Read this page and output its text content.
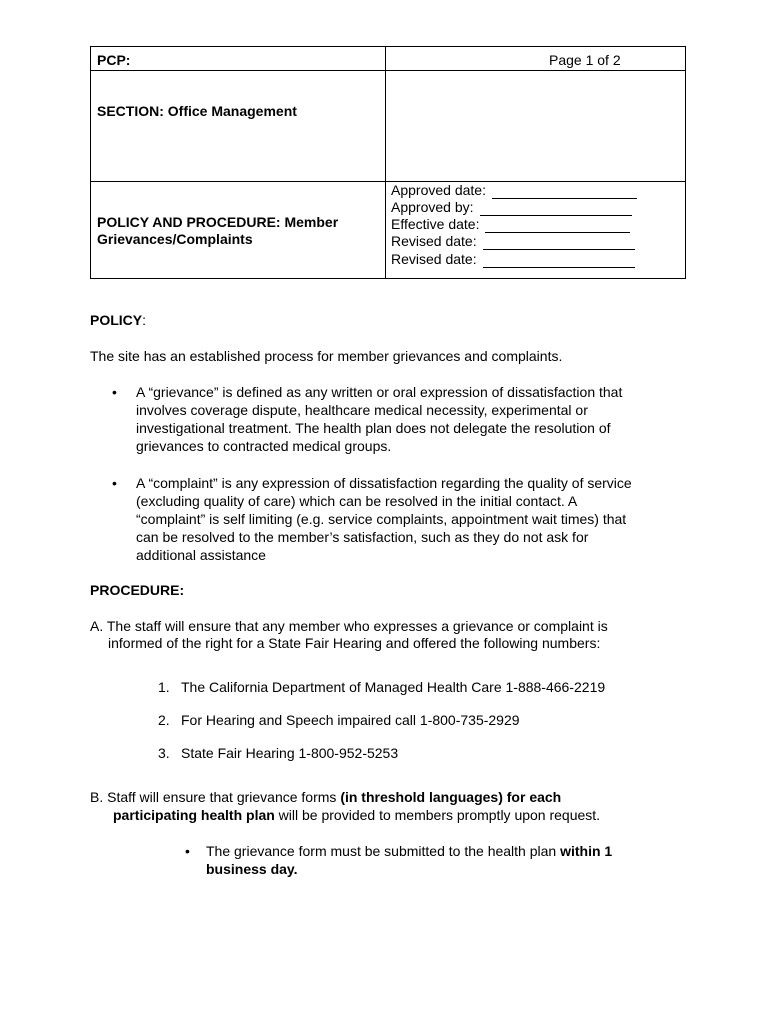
PCP:	Page 1 of 2
SECTION: Office Management
POLICY AND PROCEDURE: Member
Grievances/Complaints
Approved date:
Approved by:
Effective date:
Revised date:
Revised date:
POLICY:
The site has an established process for member grievances and complaints.
• A “grievance” is defined as any written or oral expression of dissatisfaction that
involves coverage dispute, healthcare medical necessity, experimental or
investigational treatment. The health plan does not delegate the resolution of
grievances to contracted medical groups.
• A “complaint” is any expression of dissatisfaction regarding the quality of service
(excluding quality of care) which can be resolved in the initial contact. A
“complaint” is self limiting (e.g. service complaints, appointment wait times) that
can be resolved to the member’s satisfaction, such as they do not ask for
additional assistance
PROCEDURE:
A. The staff will ensure that any member who expresses a grievance or complaint is
informed of the right for a State Fair Hearing and offered the following numbers:
1. The California Department of Managed Health Care 1-888-466-2219
2. For Hearing and Speech impaired call 1-800-735-2929
3. State Fair Hearing 1-800-952-5253
B. Staff will ensure that grievance forms (in threshold languages) for each
participating health plan will be provided to members promptly upon request.
• The grievance form must be submitted to the health plan within 1
business day.
